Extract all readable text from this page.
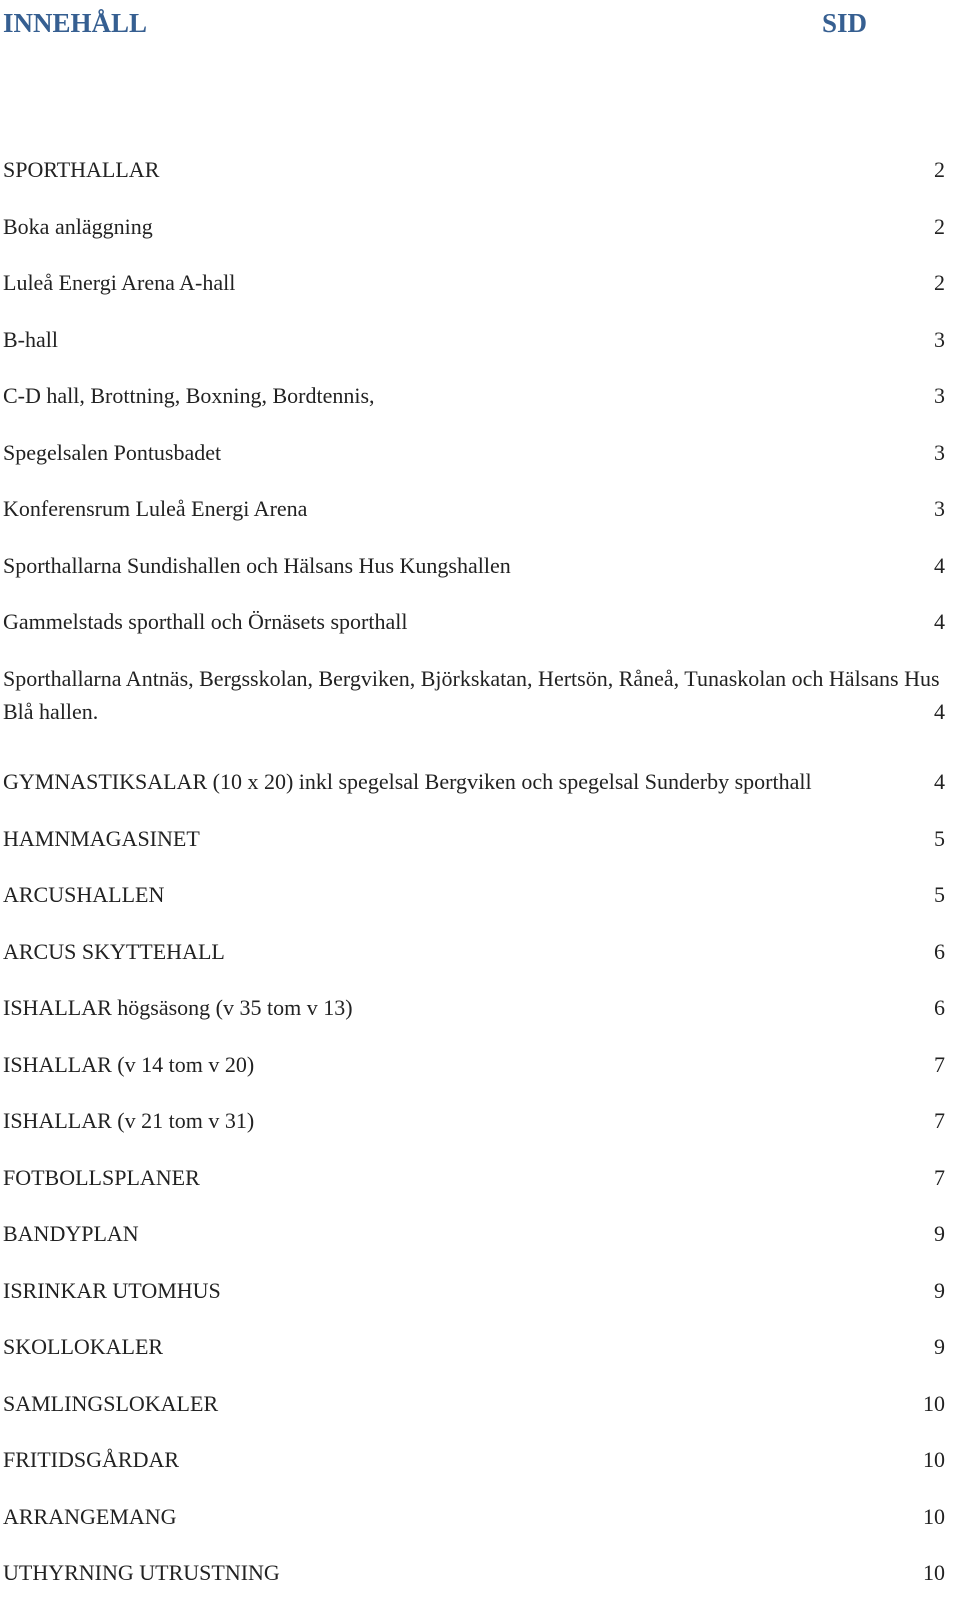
INNEHÅLL	SID
SPORTHALLAR	2
Boka anläggning	2
Luleå Energi Arena A-hall	2
B-hall	3
C-D hall, Brottning, Boxning, Bordtennis,	3
Spegelsalen Pontusbadet	3
Konferensrum Luleå Energi Arena	3
Sporthallarna Sundishallen och Hälsans Hus Kungshallen	4
Gammelstads sporthall och Örnäsets sporthall	4
Sporthallarna Antnäs, Bergsskolan, Bergviken, Björkskatan, Hertsön, Råneå, Tunaskolan och Hälsans Hus Blå hallen.	4
GYMNASTIKSALAR (10 x 20) inkl spegelsal Bergviken och spegelsal Sunderby sporthall	4
HAMNMAGASINET	5
ARCUSHALLEN	5
ARCUS SKYTTEHALL	6
ISHALLAR högsäsong (v 35 tom v 13)	6
ISHALLAR (v 14 tom v 20)	7
ISHALLAR (v 21 tom v 31)	7
FOTBOLLSPLANER	7
BANDYPLAN	9
ISRINKAR UTOMHUS	9
SKOLLOKALER	9
SAMLINGSLOKALER	10
FRITIDSGÅRDAR	10
ARRANGEMANG	10
UTHYRNING UTRUSTNING	10
